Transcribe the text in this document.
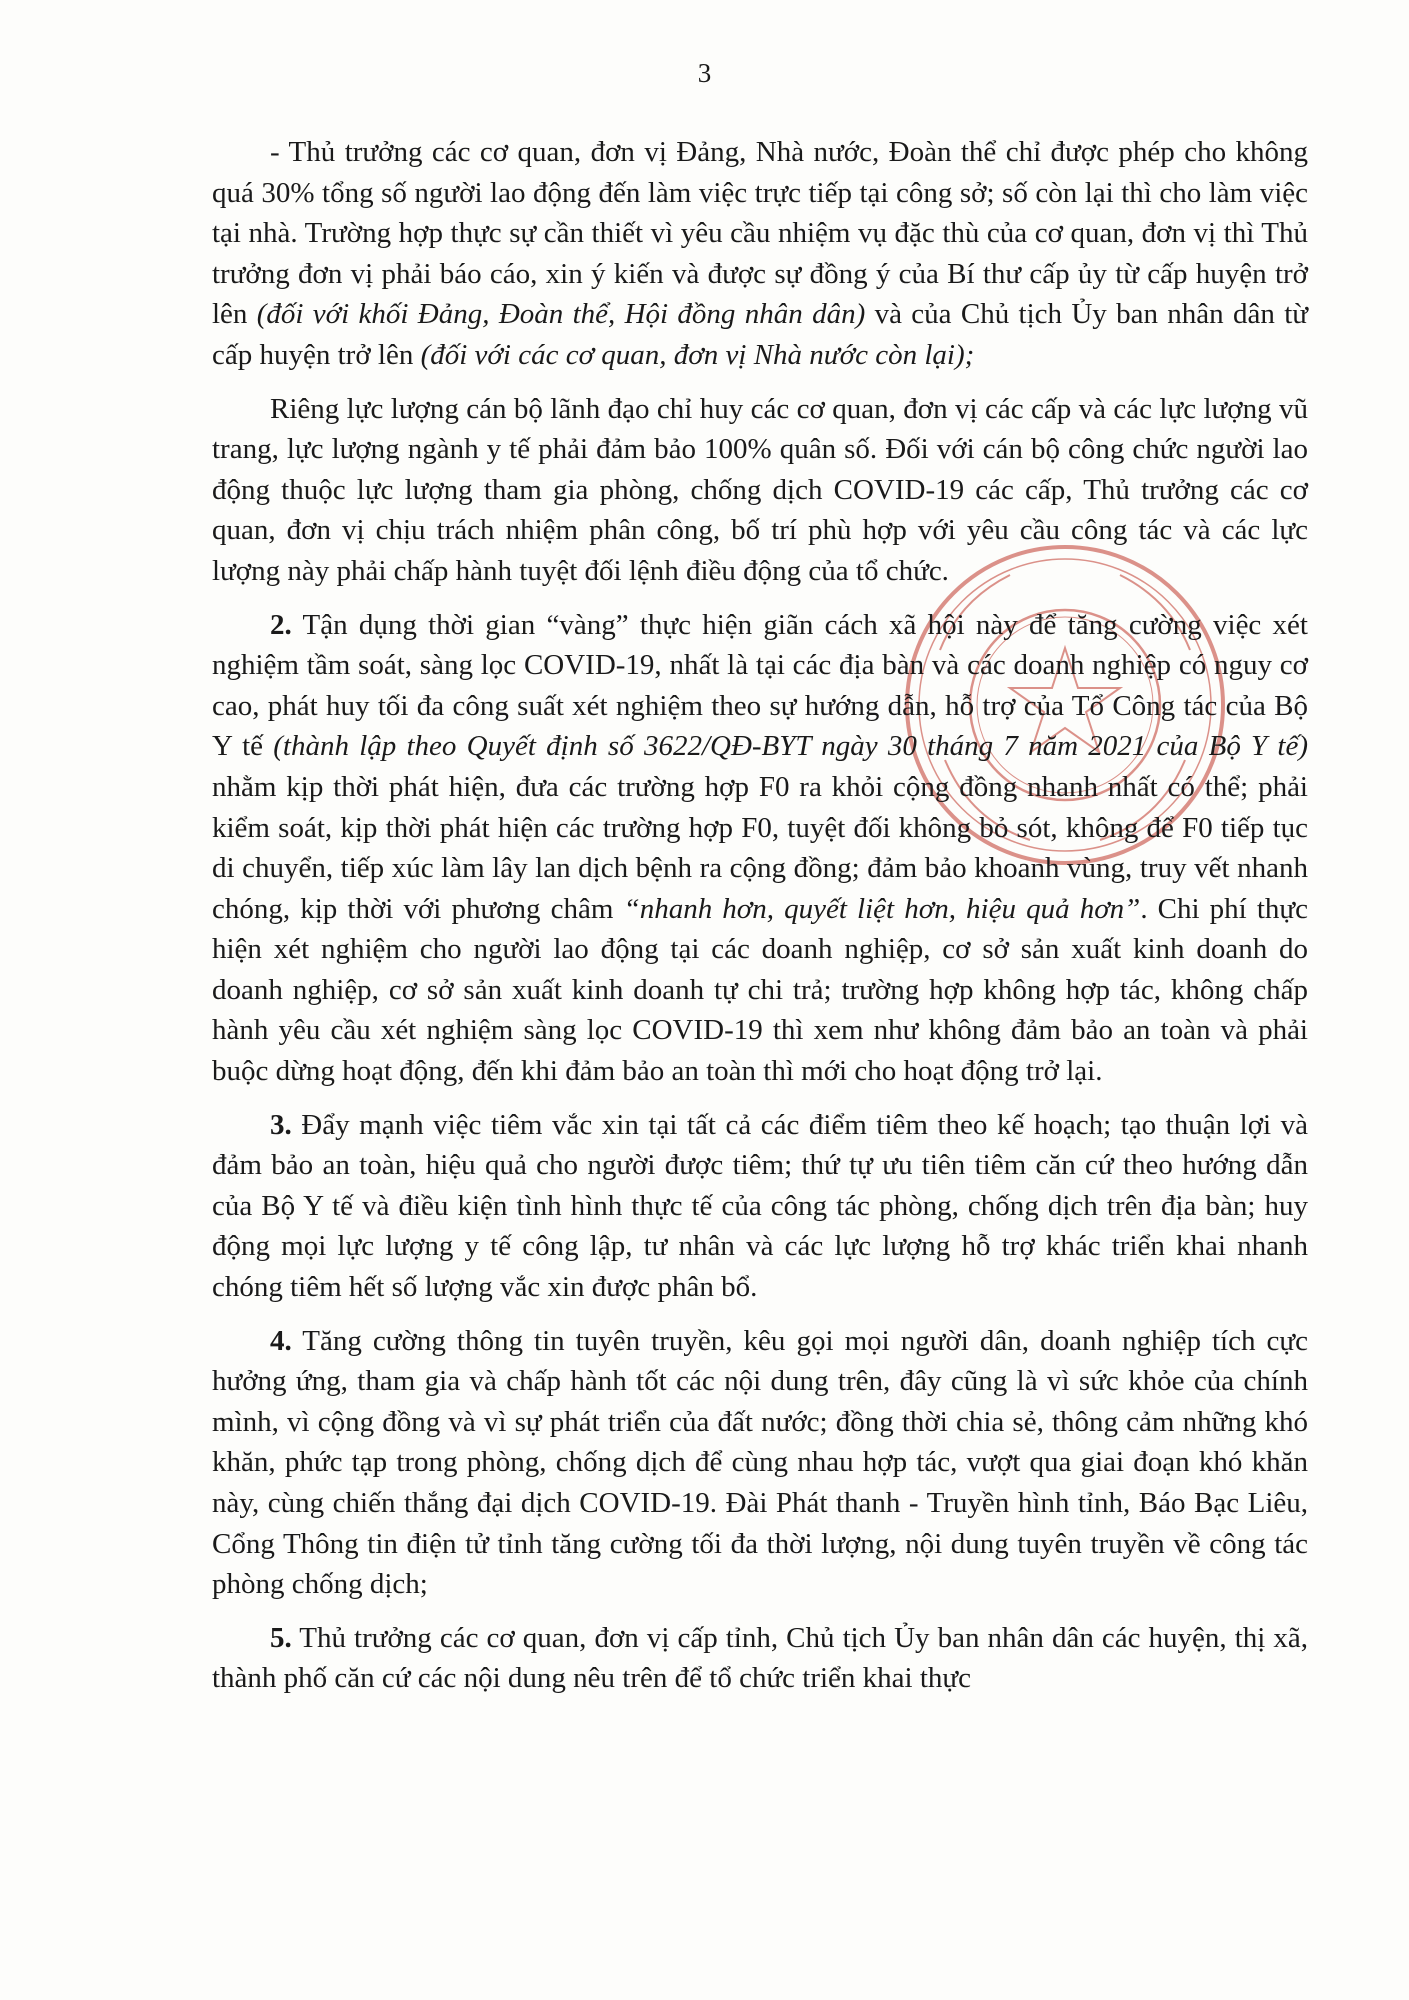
3

- Thủ trưởng các cơ quan, đơn vị Đảng, Nhà nước, Đoàn thể chỉ được phép cho không quá 30% tổng số người lao động đến làm việc trực tiếp tại công sở; số còn lại thì cho làm việc tại nhà. Trường hợp thực sự cần thiết vì yêu cầu nhiệm vụ đặc thù của cơ quan, đơn vị thì Thủ trưởng đơn vị phải báo cáo, xin ý kiến và được sự đồng ý của Bí thư cấp ủy từ cấp huyện trở lên (đối với khối Đảng, Đoàn thể, Hội đồng nhân dân) và của Chủ tịch Ủy ban nhân dân từ cấp huyện trở lên (đối với các cơ quan, đơn vị Nhà nước còn lại);

Riêng lực lượng cán bộ lãnh đạo chỉ huy các cơ quan, đơn vị các cấp và các lực lượng vũ trang, lực lượng ngành y tế phải đảm bảo 100% quân số. Đối với cán bộ công chức người lao động thuộc lực lượng tham gia phòng, chống dịch COVID-19 các cấp, Thủ trưởng các cơ quan, đơn vị chịu trách nhiệm phân công, bố trí phù hợp với yêu cầu công tác và các lực lượng này phải chấp hành tuyệt đối lệnh điều động của tổ chức.

2. Tận dụng thời gian “vàng” thực hiện giãn cách xã hội này để tăng cường việc xét nghiệm tầm soát, sàng lọc COVID-19, nhất là tại các địa bàn và các doanh nghiệp có nguy cơ cao, phát huy tối đa công suất xét nghiệm theo sự hướng dẫn, hỗ trợ của Tổ Công tác của Bộ Y tế (thành lập theo Quyết định số 3622/QĐ-BYT ngày 30 tháng 7 năm 2021 của Bộ Y tế) nhằm kịp thời phát hiện, đưa các trường hợp F0 ra khỏi cộng đồng nhanh nhất có thể; phải kiểm soát, kịp thời phát hiện các trường hợp F0, tuyệt đối không bỏ sót, không để F0 tiếp tục di chuyển, tiếp xúc làm lây lan dịch bệnh ra cộng đồng; đảm bảo khoanh vùng, truy vết nhanh chóng, kịp thời với phương châm “nhanh hơn, quyết liệt hơn, hiệu quả hơn”. Chi phí thực hiện xét nghiệm cho người lao động tại các doanh nghiệp, cơ sở sản xuất kinh doanh do doanh nghiệp, cơ sở sản xuất kinh doanh tự chi trả; trường hợp không hợp tác, không chấp hành yêu cầu xét nghiệm sàng lọc COVID-19 thì xem như không đảm bảo an toàn và phải buộc dừng hoạt động, đến khi đảm bảo an toàn thì mới cho hoạt động trở lại.

3. Đẩy mạnh việc tiêm vắc xin tại tất cả các điểm tiêm theo kế hoạch; tạo thuận lợi và đảm bảo an toàn, hiệu quả cho người được tiêm; thứ tự ưu tiên tiêm căn cứ theo hướng dẫn của Bộ Y tế và điều kiện tình hình thực tế của công tác phòng, chống dịch trên địa bàn; huy động mọi lực lượng y tế công lập, tư nhân và các lực lượng hỗ trợ khác triển khai nhanh chóng tiêm hết số lượng vắc xin được phân bổ.

4. Tăng cường thông tin tuyên truyền, kêu gọi mọi người dân, doanh nghiệp tích cực hưởng ứng, tham gia và chấp hành tốt các nội dung trên, đây cũng là vì sức khỏe của chính mình, vì cộng đồng và vì sự phát triển của đất nước; đồng thời chia sẻ, thông cảm những khó khăn, phức tạp trong phòng, chống dịch để cùng nhau hợp tác, vượt qua giai đoạn khó khăn này, cùng chiến thắng đại dịch COVID-19. Đài Phát thanh - Truyền hình tỉnh, Báo Bạc Liêu, Cổng Thông tin điện tử tỉnh tăng cường tối đa thời lượng, nội dung tuyên truyền về công tác phòng chống dịch;

5. Thủ trưởng các cơ quan, đơn vị cấp tỉnh, Chủ tịch Ủy ban nhân dân các huyện, thị xã, thành phố căn cứ các nội dung nêu trên để tổ chức triển khai thực
